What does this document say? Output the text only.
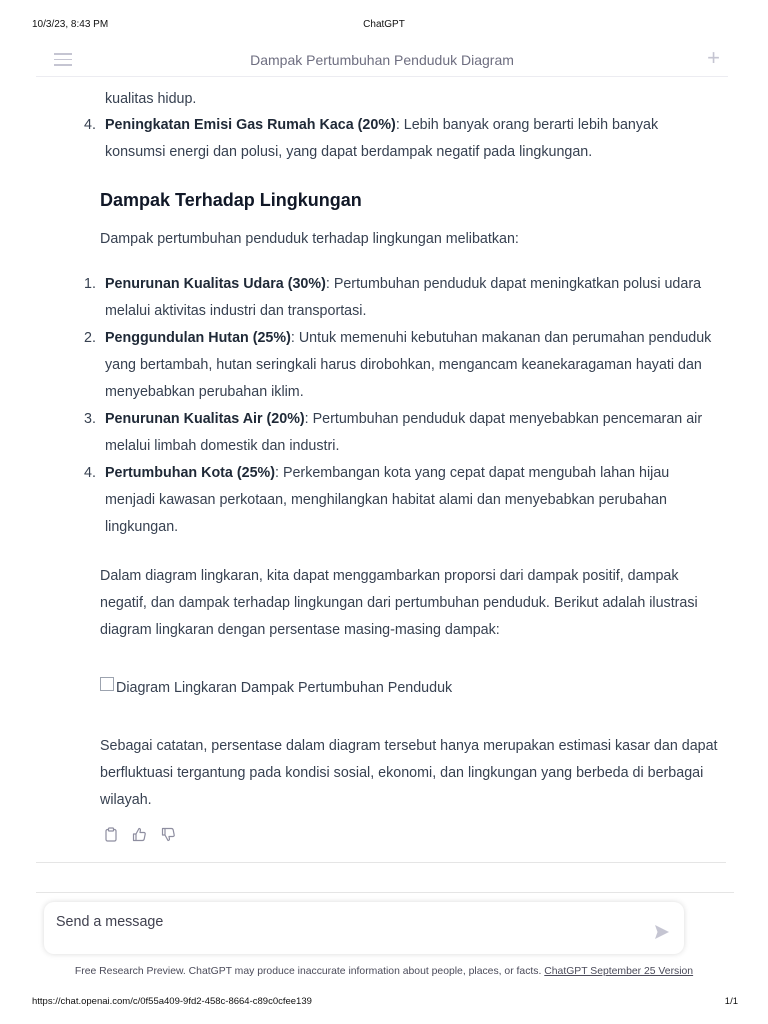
10/3/23, 8:43 PM	ChatGPT
Dampak Pertumbuhan Penduduk Diagram	+

kualitas hidup.

4. Peningkatan Emisi Gas Rumah Kaca (20%): Lebih banyak orang berarti lebih banyak konsumsi energi dan polusi, yang dapat berdampak negatif pada lingkungan.
Dampak Terhadap Lingkungan

Dampak pertumbuhan penduduk terhadap lingkungan melibatkan:

1. Penurunan Kualitas Udara (30%): Pertumbuhan penduduk dapat meningkatkan polusi udara melalui aktivitas industri dan transportasi.
2. Penggundulan Hutan (25%): Untuk memenuhi kebutuhan makanan dan perumahan penduduk yang bertambah, hutan seringkali harus dirobohkan, mengancam keanekaragaman hayati dan menyebabkan perubahan iklim.
3. Penurunan Kualitas Air (20%): Pertumbuhan penduduk dapat menyebabkan pencemaran air melalui limbah domestik dan industri.
4. Pertumbuhan Kota (25%): Perkembangan kota yang cepat dapat mengubah lahan hijau menjadi kawasan perkotaan, menghilangkan habitat alami dan menyebabkan perubahan lingkungan.

Dalam diagram lingkaran, kita dapat menggambarkan proporsi dari dampak positif, dampak negatif, dan dampak terhadap lingkungan dari pertumbuhan penduduk. Berikut adalah ilustrasi diagram lingkaran dengan persentase masing-masing dampak:

Diagram Lingkaran Dampak Pertumbuhan Penduduk

Sebagai catatan, persentase dalam diagram tersebut hanya merupakan estimasi kasar dan dapat berfluktuasi tergantung pada kondisi sosial, ekonomi, dan lingkungan yang berbeda di berbagai wilayah.

Send a message
Free Research Preview. ChatGPT may produce inaccurate information about people, places, or facts. ChatGPT September 25 Version
https://chat.openai.com/c/0f55a409-9fd2-458c-8664-c89c0cfee139	1/1
